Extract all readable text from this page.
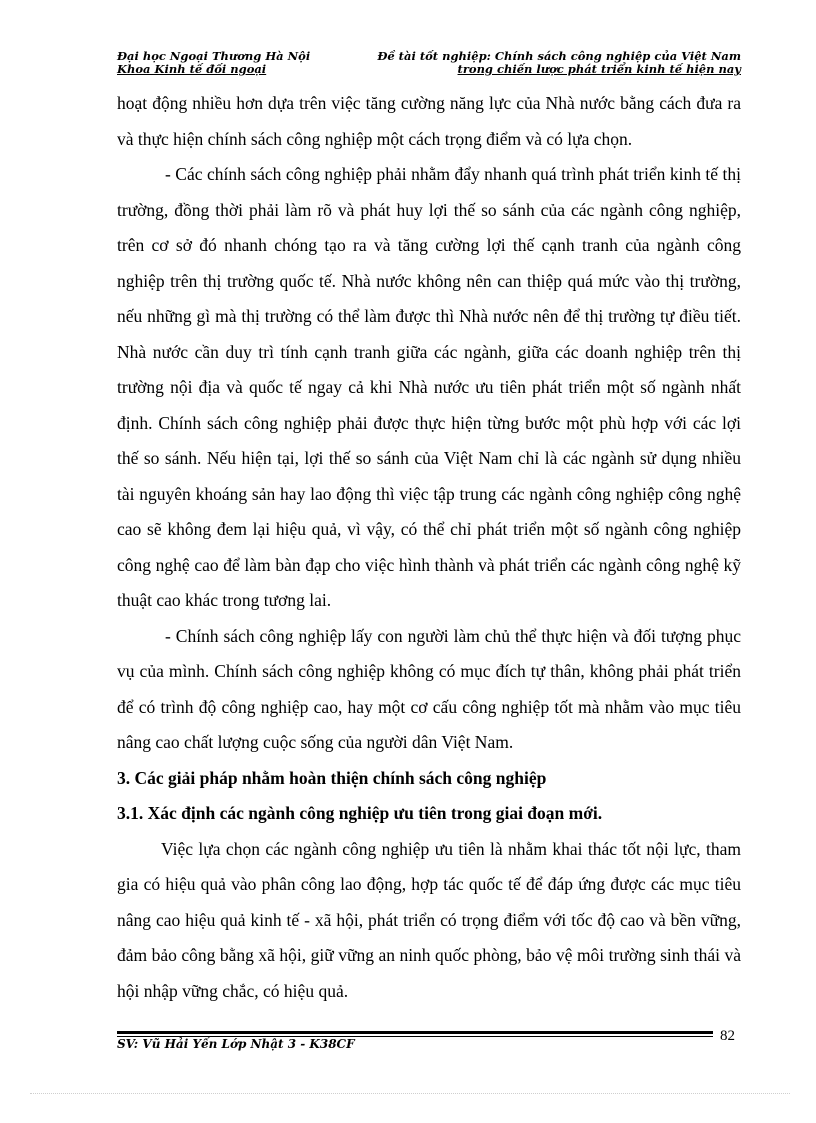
Đại học Ngoại Thương Hà Nội
Khoa Kinh tế đối ngoại
Đề tài tốt nghiệp: Chính sách công nghiệp của Việt Nam
trong chiến lược phát triển kinh tế hiện nay

hoạt động nhiều hơn dựa trên việc tăng cường năng lực của Nhà nước bằng cách đưa ra và thực hiện chính sách công nghiệp một cách trọng điểm và có lựa chọn.

- Các chính sách công nghiệp phải nhằm đẩy nhanh quá trình phát triển kinh tế thị trường, đồng thời phải làm rõ và phát huy lợi thế so sánh của các ngành công nghiệp, trên cơ sở đó nhanh chóng tạo ra và tăng cường lợi thế cạnh tranh của ngành công nghiệp trên thị trường quốc tế. Nhà nước không nên can thiệp quá mức vào thị trường, nếu những gì mà thị trường có thể làm được thì Nhà nước nên để thị trường tự điều tiết. Nhà nước cần duy trì tính cạnh tranh giữa các ngành, giữa các doanh nghiệp trên thị trường nội địa và quốc tế ngay cả khi Nhà nước ưu tiên phát triển một số ngành nhất định. Chính sách công nghiệp phải được thực hiện từng bước một phù hợp với các lợi thế so sánh. Nếu hiện tại, lợi thế so sánh của Việt Nam chỉ là các ngành sử dụng nhiều tài nguyên khoáng sản hay lao động thì việc tập trung các ngành công nghiệp công nghệ cao sẽ không đem lại hiệu quả, vì vậy, có thể chỉ phát triển một số ngành công nghiệp công nghệ cao để làm bàn đạp cho việc hình thành và phát triển các ngành công nghệ kỹ thuật cao khác trong tương lai.

- Chính sách công nghiệp lấy con người làm chủ thể thực hiện và đối tượng phục vụ của mình. Chính sách công nghiệp không có mục đích tự thân, không phải phát triển để có trình độ công nghiệp cao, hay một cơ cấu công nghiệp tốt mà nhằm vào mục tiêu nâng cao chất lượng cuộc sống của người dân Việt Nam.

3. Các giải pháp nhằm hoàn thiện chính sách công nghiệp

3.1. Xác định các ngành công nghiệp ưu tiên trong giai đoạn mới.

Việc lựa chọn các ngành công nghiệp ưu tiên là nhằm khai thác tốt nội lực, tham gia có hiệu quả vào phân công lao động, hợp tác quốc tế để đáp ứng được các mục tiêu nâng cao hiệu quả kinh tế - xã hội, phát triển có trọng điểm với tốc độ cao và bền vững, đảm bảo công bằng xã hội, giữ vững an ninh quốc phòng, bảo vệ môi trường sinh thái và hội nhập vững chắc, có hiệu quả.

SV: Vũ Hải Yến Lớp Nhật 3 - K38CF	82
